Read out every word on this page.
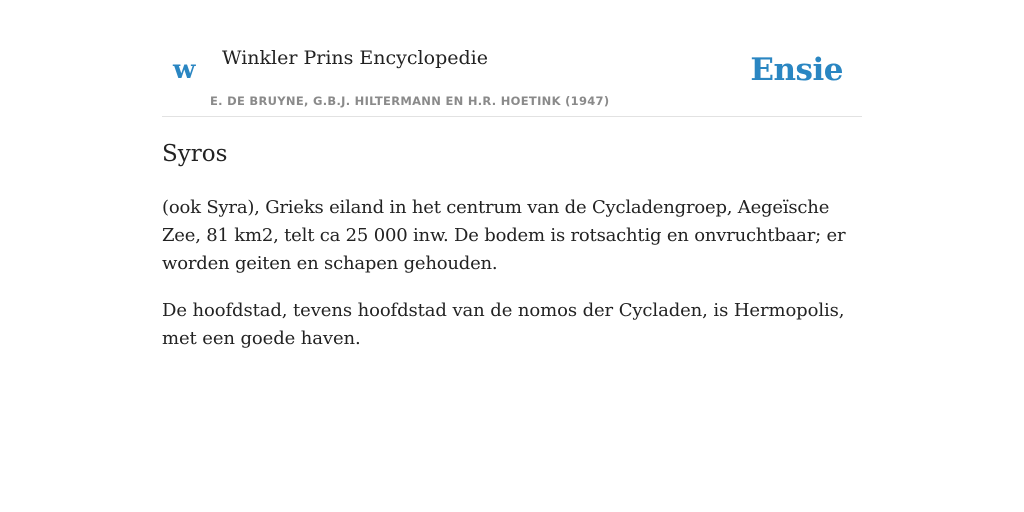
w Winkler Prins Encyclopedie
E. DE BRUYNE, G.B.J. HILTERMANN EN H.R. HOETINK (1947)
Ensie
Syros

(ook Syra), Grieks eiland in het centrum van de Cycladengroep, Aegeïsche Zee, 81 km2, telt ca 25 000 inw. De bodem is rotsachtig en onvruchtbaar; er worden geiten en schapen gehouden.

De hoofdstad, tevens hoofdstad van de nomos der Cycladen, is Hermopolis, met een goede haven.
